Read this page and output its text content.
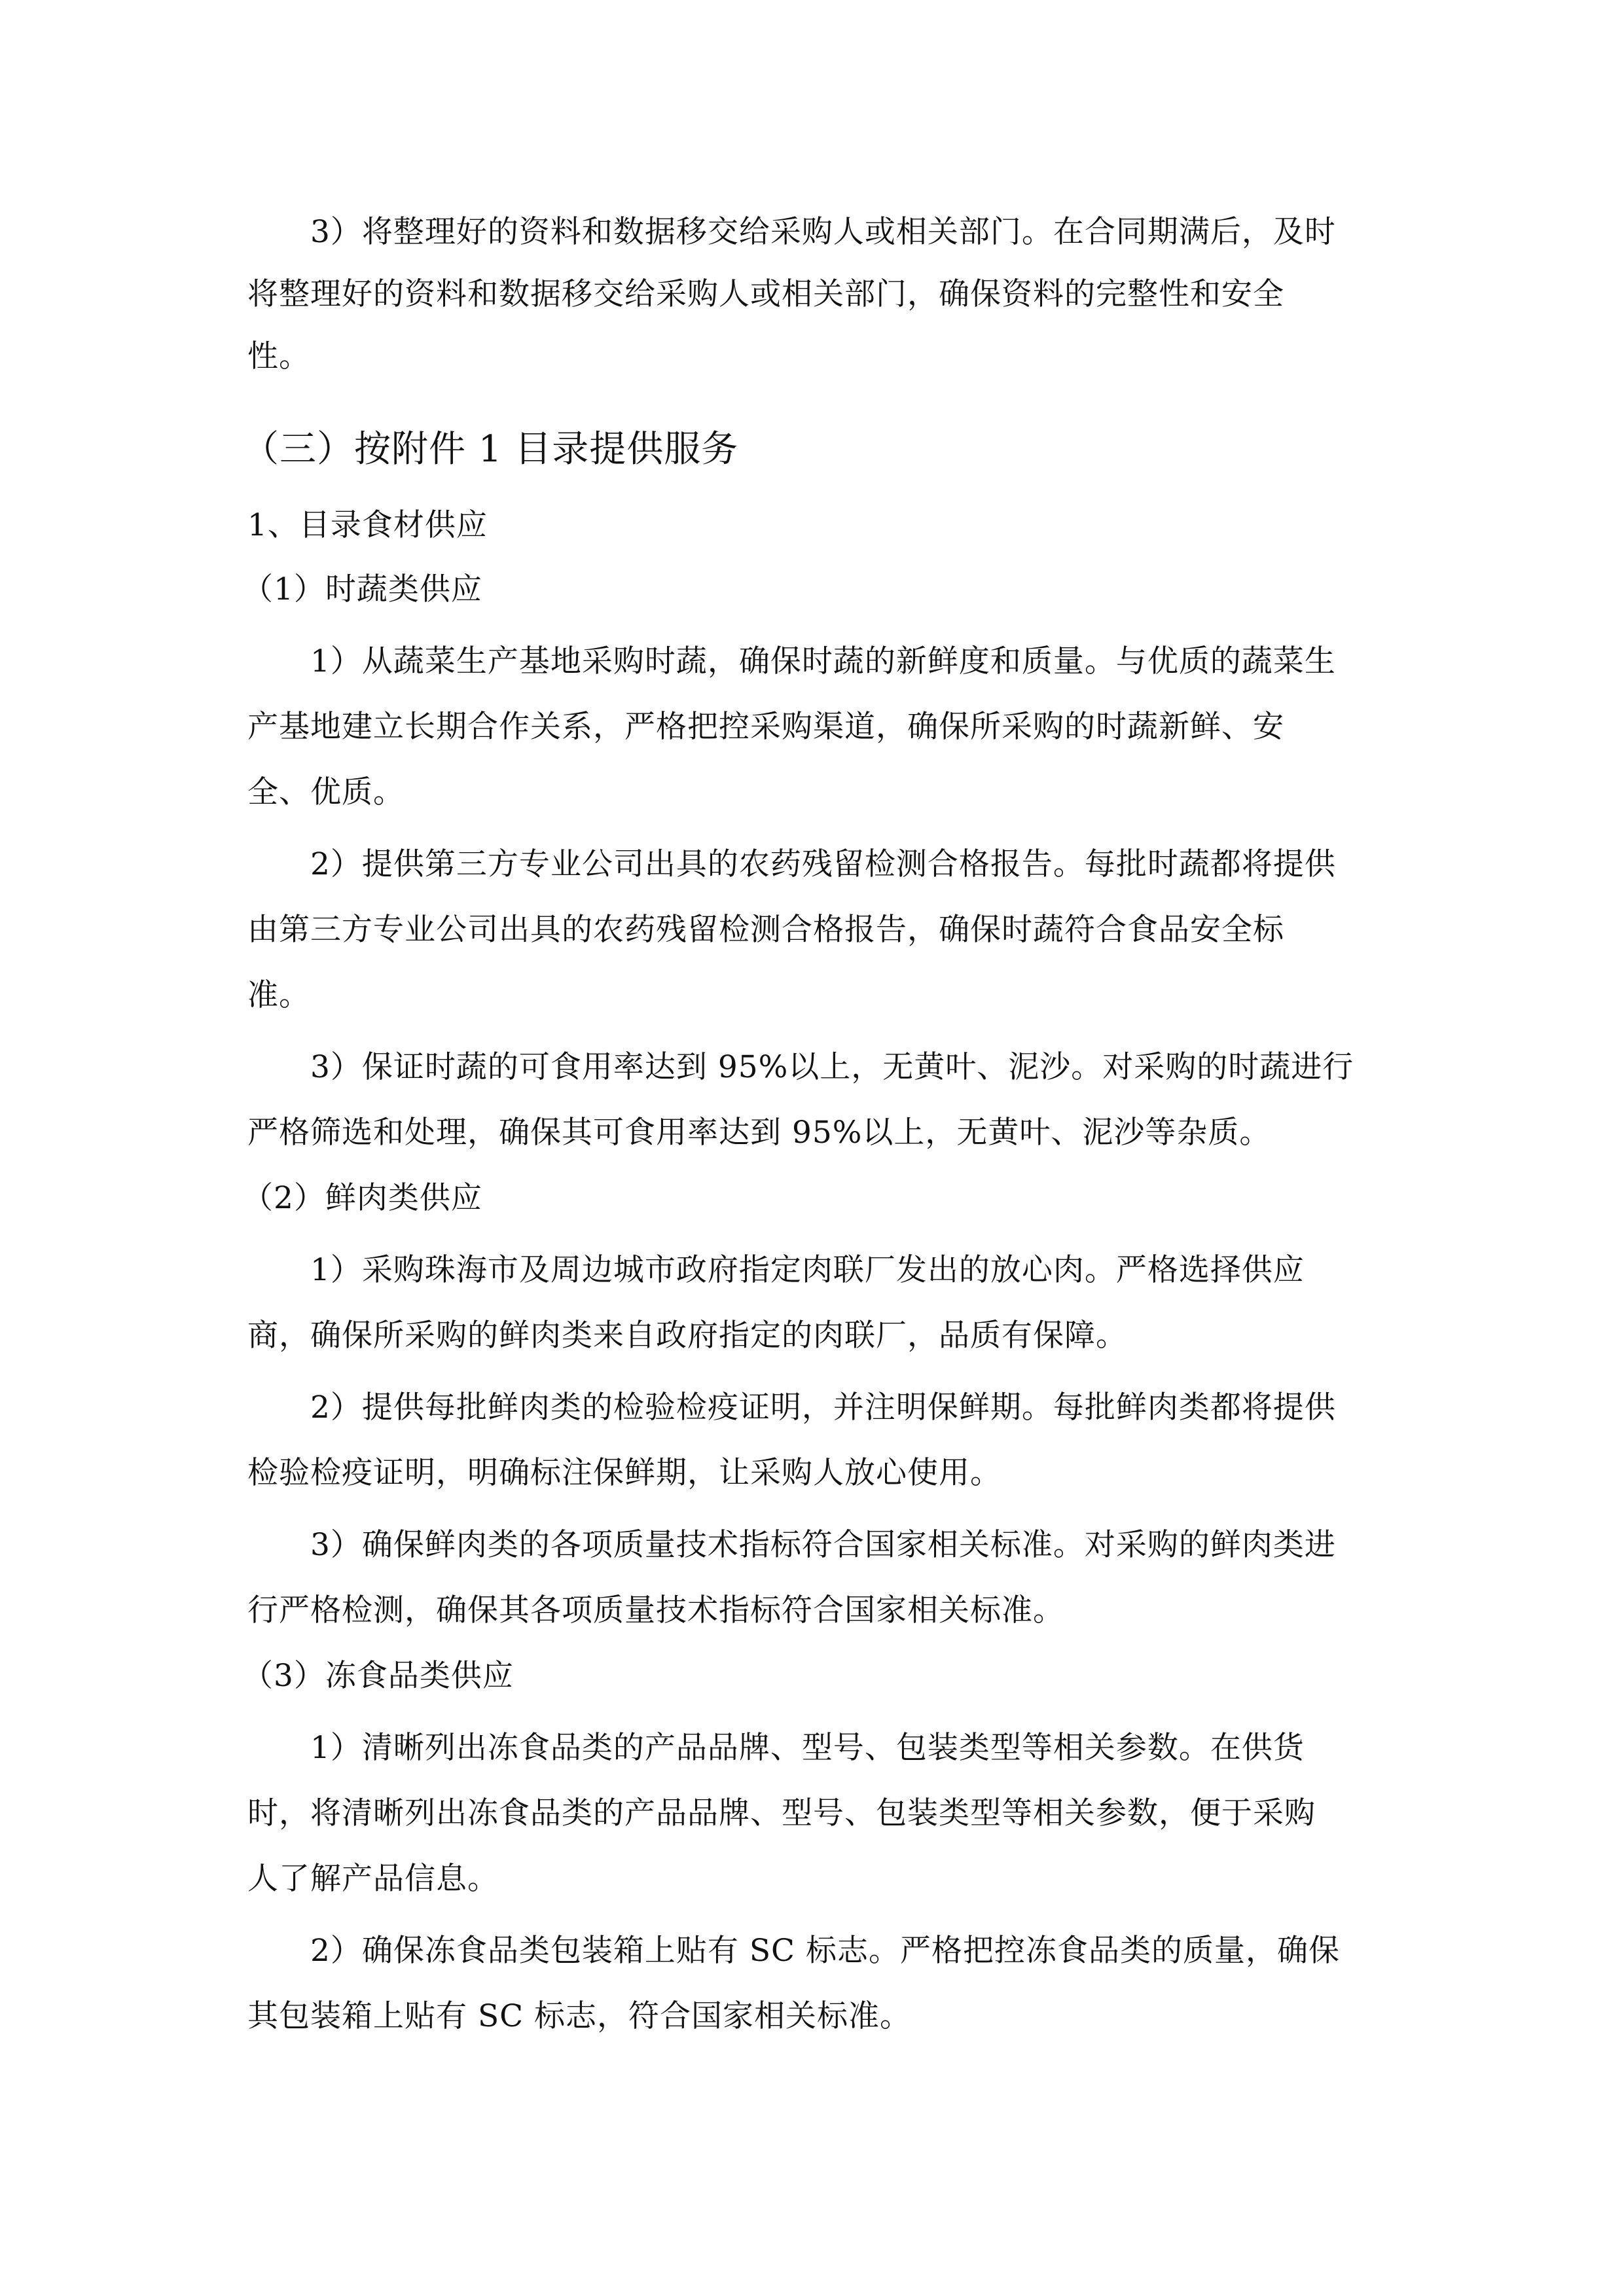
3）将整理好的资料和数据移交给采购人或相关部门。在合同期满后，及时
将整理好的资料和数据移交给采购人或相关部门，确保资料的完整性和安全
性。
（三）按附件 1 目录提供服务
1、目录食材供应
（1）时蔬类供应
1）从蔬菜生产基地采购时蔬，确保时蔬的新鲜度和质量。与优质的蔬菜生
产基地建立长期合作关系，严格把控采购渠道，确保所采购的时蔬新鲜、安
全、优质。
2）提供第三方专业公司出具的农药残留检测合格报告。每批时蔬都将提供
由第三方专业公司出具的农药残留检测合格报告，确保时蔬符合食品安全标
准。
3）保证时蔬的可食用率达到 95%以上，无黄叶、泥沙。对采购的时蔬进行
严格筛选和处理，确保其可食用率达到 95%以上，无黄叶、泥沙等杂质。
（2）鲜肉类供应
1）采购珠海市及周边城市政府指定肉联厂发出的放心肉。严格选择供应
商，确保所采购的鲜肉类来自政府指定的肉联厂，品质有保障。
2）提供每批鲜肉类的检验检疫证明，并注明保鲜期。每批鲜肉类都将提供
检验检疫证明，明确标注保鲜期，让采购人放心使用。
3）确保鲜肉类的各项质量技术指标符合国家相关标准。对采购的鲜肉类进
行严格检测，确保其各项质量技术指标符合国家相关标准。
（3）冻食品类供应
1）清晰列出冻食品类的产品品牌、型号、包装类型等相关参数。在供货
时，将清晰列出冻食品类的产品品牌、型号、包装类型等相关参数，便于采购
人了解产品信息。
2）确保冻食品类包装箱上贴有 SC 标志。严格把控冻食品类的质量，确保
其包装箱上贴有 SC 标志，符合国家相关标准。
